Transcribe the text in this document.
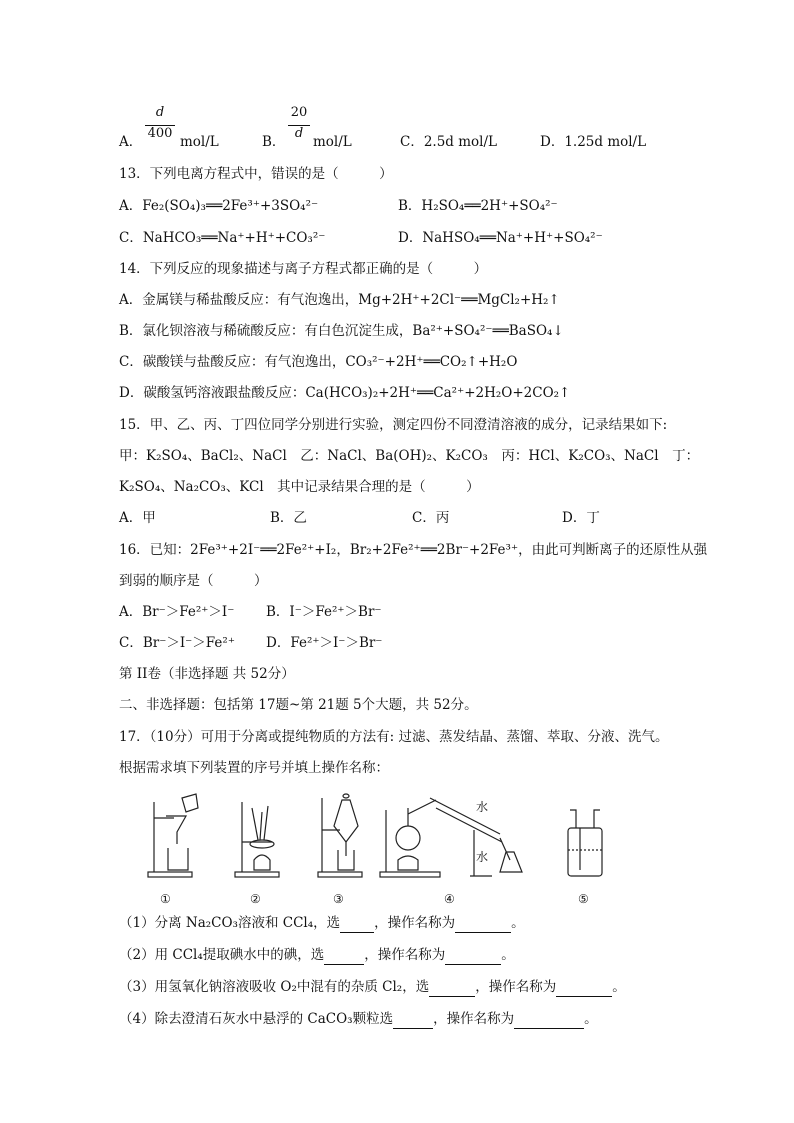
A．
d
400
mol/L	B．
20
d
mol/L	C．2.5d mol/L	D．1.25d mol/L
13．下列电离方程式中，错误的是（　　　）
A．Fe₂(SO₄)₃══2Fe³⁺+3SO₄²⁻	B．H₂SO₄══2H⁺+SO₄²⁻
C．NaHCO₃══Na⁺+H⁺+CO₃²⁻	D．NaHSO₄══Na⁺+H⁺+SO₄²⁻
14．下列反应的现象描述与离子方程式都正确的是（　　　）
A．金属镁与稀盐酸反应：有气泡逸出，Mg+2H⁺+2Cl⁻══MgCl₂+H₂↑
B．氯化钡溶液与稀硫酸反应：有白色沉淀生成，Ba²⁺+SO₄²⁻══BaSO₄↓
C．碳酸镁与盐酸反应：有气泡逸出，CO₃²⁻+2H⁺══CO₂↑+H₂O
D．碳酸氢钙溶液跟盐酸反应：Ca(HCO₃)₂+2H⁺══Ca²⁺+2H₂O+2CO₂↑
15．甲、乙、丙、丁四位同学分别进行实验，测定四份不同澄清溶液的成分，记录结果如下:
甲：K₂SO₄、BaCl₂、NaCl　乙：NaCl、Ba(OH)₂、K₂CO₃　丙：HCl、K₂CO₃、NaCl　丁：
K₂SO₄、Na₂CO₃、KCl　其中记录结果合理的是（　　　）
A．甲	B．乙	C．丙	D．丁
16．已知：2Fe³⁺+2I⁻══2Fe²⁺+I₂，Br₂+2Fe²⁺══2Br⁻+2Fe³⁺，由此可判断离子的还原性从强
到弱的顺序是（　　　）
A．Br⁻＞Fe²⁺＞I⁻ B．I⁻＞Fe²⁺＞Br⁻
C．Br⁻＞I⁻＞Fe²⁺ D．Fe²⁺＞I⁻＞Br⁻
第 II卷（非选择题 共 52分）
二、非选择题：包括第 17题~第 21题 5个大题，共 52分。
17．（10分）可用于分离或提纯物质的方法有: 过滤、蒸发结晶、蒸馏、萃取、分液、洗气。
根据需求填下列装置的序号并填上操作名称：
①	②	③	④	⑤
水
水
（1）分离 Na₂CO₃溶液和 CCl₄，选	，操作名称为	。
（2）用 CCl₄提取碘水中的碘，选	，操作名称为	。
（3）用氢氧化钠溶液吸收 O₂中混有的杂质 Cl₂，选	，操作名称为	。
（4）除去澄清石灰水中悬浮的 CaCO₃颗粒选	，操作名称为	。
